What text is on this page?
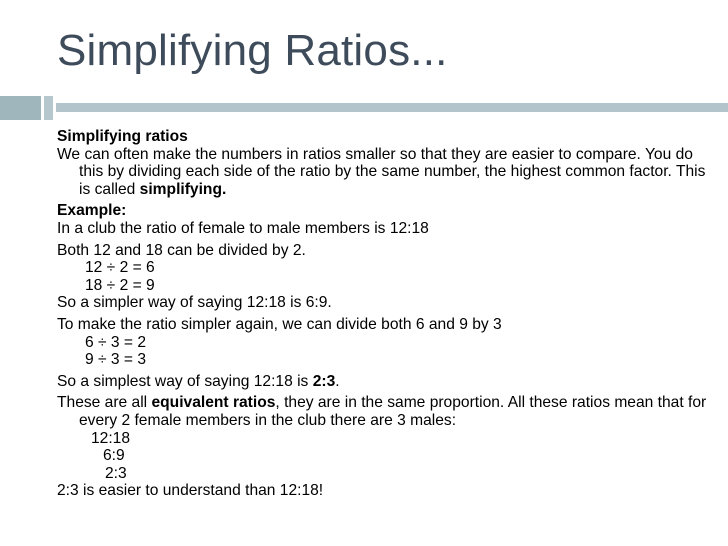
Simplifying Ratios...

Simplifying ratios

We can often make the numbers in ratios smaller so that they are easier to compare. You do this by dividing each side of the ratio by the same number, the highest common factor. This is called simplifying.

Example:

In a club the ratio of female to male members is 12:18

Both 12 and 18 can be divided by 2.

12 ÷ 2 = 6

18 ÷ 2 = 9

So a simpler way of saying 12:18 is 6:9.

To make the ratio simpler again, we can divide both 6 and 9 by 3

6 ÷ 3 = 2

9 ÷ 3 = 3

So a simplest way of saying 12:18 is 2:3.

These are all equivalent ratios, they are in the same proportion. All these ratios mean that for every 2 female members in the club there are 3 males:

12:18

6:9

2:3

2:3 is easier to understand than 12:18!
